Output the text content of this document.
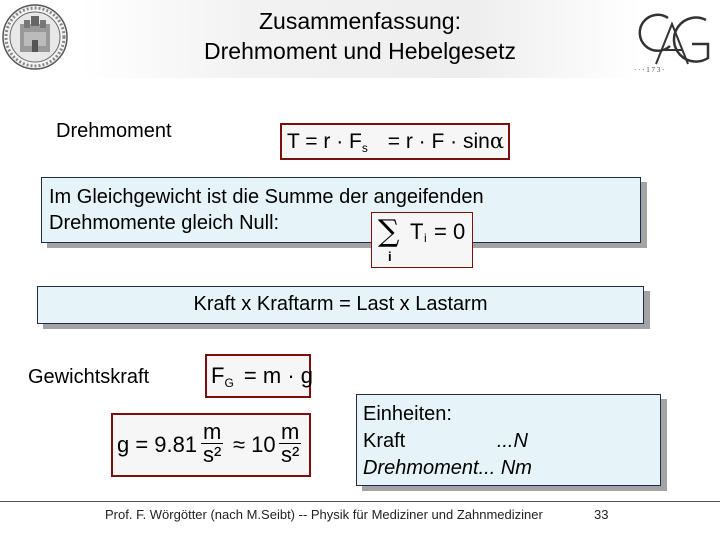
Zusammenfassung:
Drehmoment und Hebelgesetz
· · · 1 7 3 ·
Drehmoment	$T = r \cdot F_s = r \cdot F \cdot \sin\alpha$
Im Gleichgewicht ist die Summe der angeifenden
Drehmomente gleich Null:	∑
i
T i = 0
Kraft x Kraftarm = Last x Lastarm
Gewichtskraft	$F_G = m \cdot g$
$g = 9.81 \frac{m}{\text{s²}} \approx 10 \frac{m}{\text{s²}}$
Einheiten:
Kraft	...N
Drehmoment... Nm
Prof. F. Wörgötter (nach M.Seibt) -- Physik für Mediziner und Zahnmediziner	33
